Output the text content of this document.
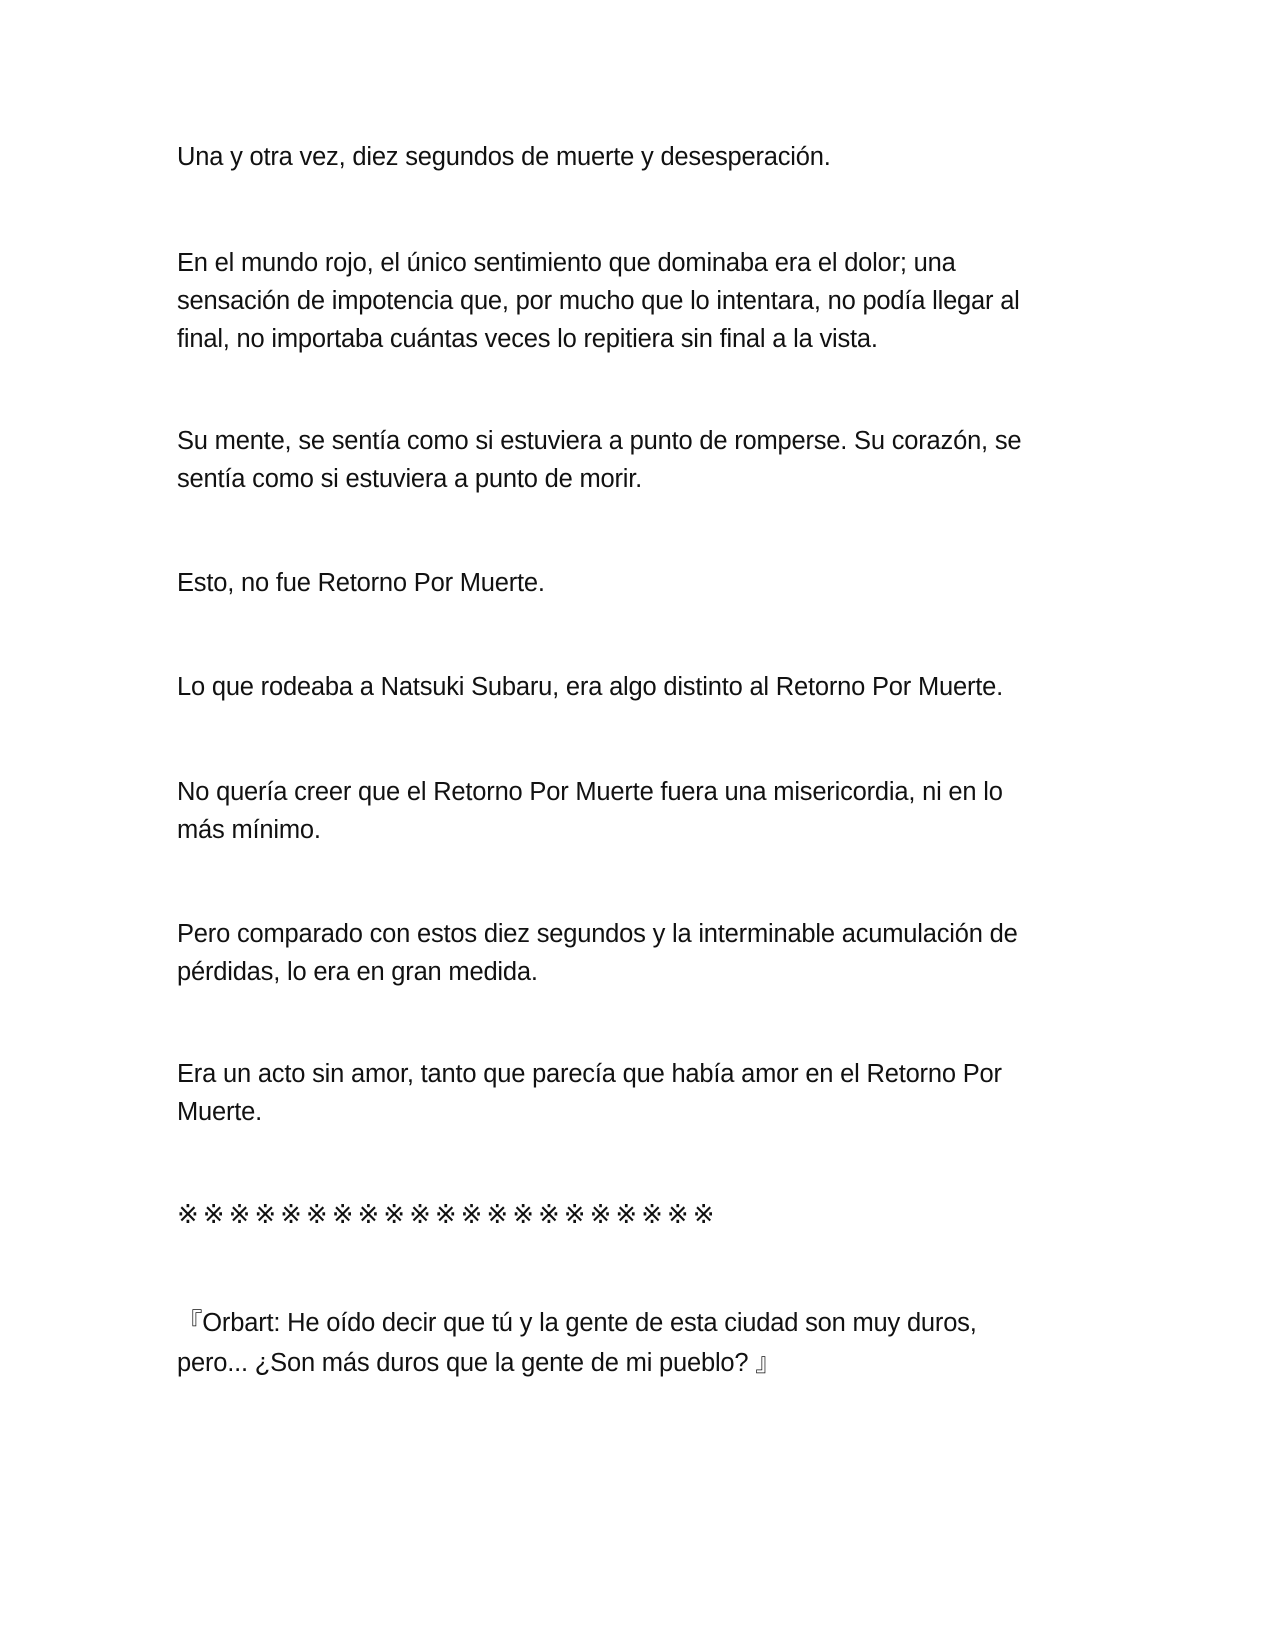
Una y otra vez, diez segundos de muerte y desesperación.

En el mundo rojo, el único sentimiento que dominaba era el dolor; una
sensación de impotencia que, por mucho que lo intentara, no podía llegar al
final, no importaba cuántas veces lo repitiera sin final a la vista.

Su mente, se sentía como si estuviera a punto de romperse. Su corazón, se
sentía como si estuviera a punto de morir.

Esto, no fue Retorno Por Muerte.

Lo que rodeaba a Natsuki Subaru, era algo distinto al Retorno Por Muerte.

No quería creer que el Retorno Por Muerte fuera una misericordia, ni en lo
más mínimo.

Pero comparado con estos diez segundos y la interminable acumulación de
pérdidas, lo era en gran medida.

Era un acto sin amor, tanto que parecía que había amor en el Retorno Por
Muerte.

※※※※※※※※※※※※※※※※※※※※※

『Orbart: He oído decir que tú y la gente de esta ciudad son muy duros,
pero... ¿Son más duros que la gente de mi pueblo? 』
